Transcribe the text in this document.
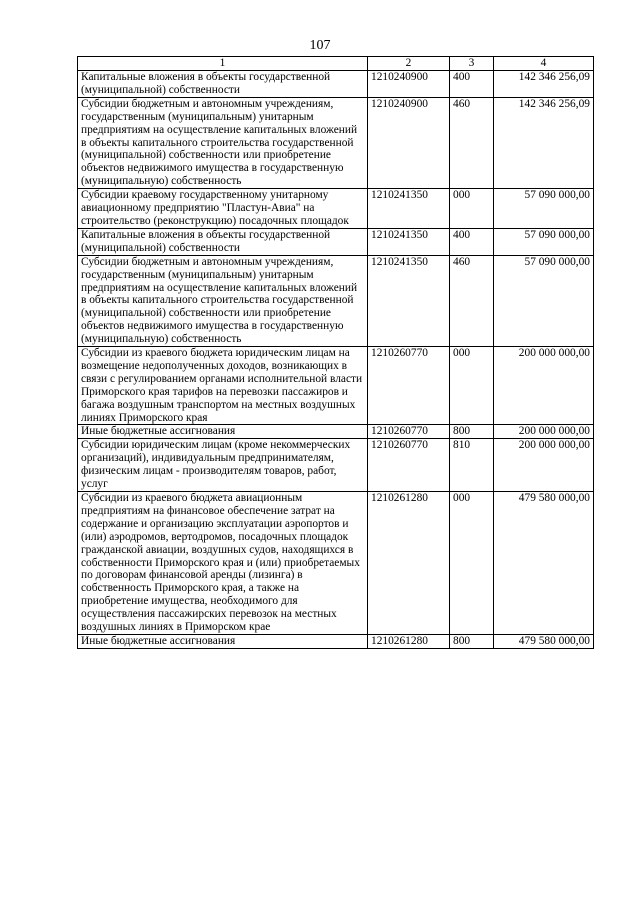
107
1	2	3	4
Капитальные вложения в объекты государственной (муниципальной) собственности	1210240900	400	142 346 256,09
Субсидии бюджетным и автономным учреждениям, государственным (муниципальным) унитарным предприятиям на осуществление капитальных вложений в объекты капитального строительства государственной (муниципальной) собственности или приобретение объектов недвижимого имущества в государственную (муниципальную) собственность	1210240900	460	142 346 256,09
Субсидии краевому государственному унитарному авиационному предприятию "Пластун-Авиа" на строительство (реконструкцию) посадочных площадок	1210241350	000	57 090 000,00
Капитальные вложения в объекты государственной (муниципальной) собственности	1210241350	400	57 090 000,00
Субсидии бюджетным и автономным учреждениям, государственным (муниципальным) унитарным предприятиям на осуществление капитальных вложений в объекты капитального строительства государственной (муниципальной) собственности или приобретение объектов недвижимого имущества в государственную (муниципальную) собственность	1210241350	460	57 090 000,00
Субсидии из краевого бюджета юридическим лицам на возмещение недополученных доходов, возникающих в связи с регулированием органами исполнительной власти Приморского края тарифов на перевозки пассажиров и багажа воздушным транспортом на местных воздушных линиях Приморского края	1210260770	000	200 000 000,00
Иные бюджетные ассигнования	1210260770	800	200 000 000,00
Субсидии юридическим лицам (кроме некоммерческих организаций), индивидуальным предпринимателям, физическим лицам - производителям товаров, работ, услуг	1210260770	810	200 000 000,00
Субсидии из краевого бюджета авиационным предприятиям на финансовое обеспечение затрат на содержание и организацию эксплуатации аэропортов и (или) аэродромов, вертодромов, посадочных площадок гражданской авиации, воздушных судов, находящихся в собственности Приморского края и (или) приобретаемых по договорам финансовой аренды (лизинга) в собственность Приморского края, а также на приобретение имущества, необходимого для осуществления пассажирских перевозок на местных воздушных линиях в Приморском крае	1210261280	000	479 580 000,00
Иные бюджетные ассигнования	1210261280	800	479 580 000,00
